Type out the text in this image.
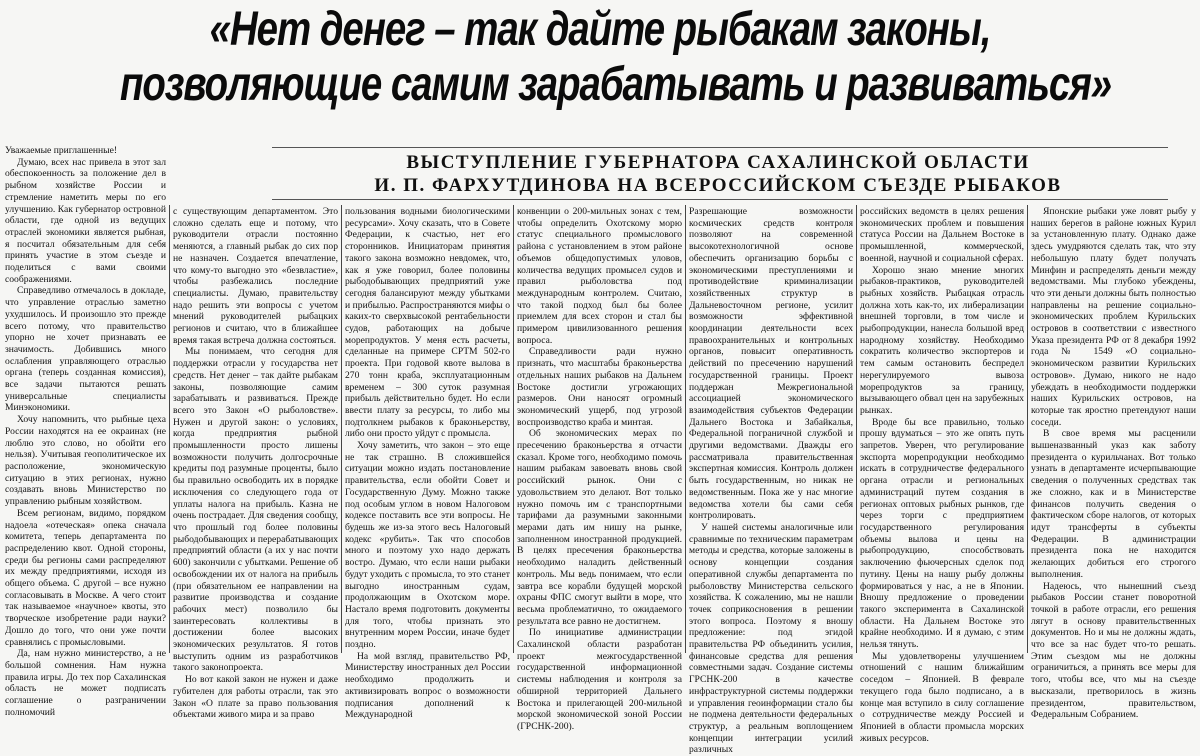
«Нет денег – так дайте рыбакам законы,
позволяющие самим зарабатывать и развиваться»
ВЫСТУПЛЕНИЕ ГУБЕРНАТОРА САХАЛИНСКОЙ ОБЛАСТИ
И. П. ФАРХУТДИНОВА НА ВСЕРОССИЙСКОМ СЪЕЗДЕ РЫБАКОВ

Уважаемые приглашенные!

Думаю, всех нас привела в этот зал обеспокоенность за положение дел в рыбном хозяйстве России и стремление наметить меры по его улучшению. Как губернатор островной области, где одной из ведущих отраслей экономики является рыбная, я посчитал обязательным для себя принять участие в этом съезде и поделиться с вами своими соображениями.

Справедливо отмечалось в докладе, что управление отраслью заметно ухудшилось. И произошло это прежде всего потому, что правительство упорно не хочет признавать ее значимость. Добившись много ослабления управляющего отраслью органа (теперь созданная комиссия), все задачи пытаются решать универсальные специалисты Минэкономики.

Хочу напомнить, что рыбные цеха России находятся на ее окраинах (не люблю это слово, но обойти его нельзя). Учитывая геополитическое их расположение, экономическую ситуацию в этих регионах, нужно создавать вновь Министерство по управлению рыбным хозяйством.

Всем регионам, видимо, порядком надоела «отеческая» опека сначала комитета, теперь департамента по распределению квот. Одной стороны, среди бы регионы сами распределяют их между предприятиями, исходя из общего объема. С другой – все нужно согласовывать в Москве. А чего стоит так называемое «научное» квоты, это творческое изобретение ради науки? Дошло до того, что они уже почти сравнялись с промысловыми.

Да, нам нужно министерство, а не большой сомнения. Нам нужна правила игры. До тех пор Сахалинская область не может подписать соглашение о разграничении полномочий

с существующим департаментом. Это сложно сделать еще и потому, что руководители отрасли постоянно меняются, а главный рыбак до сих пор не назначен. Создается впечатление, что кому-то выгодно это «безвластие», чтобы разбежались последние специалисты. Думаю, правительству надо решить эти вопросы с учетом мнений руководителей рыбацких регионов и считаю, что в ближайшее время такая встреча должна состояться.

Мы понимаем, что сегодня для поддержки отрасли у государства нет средств. Нет денег – так дайте рыбакам законы, позволяющие самим зарабатывать и развиваться. Прежде всего это Закон «О рыболовстве». Нужен и другой закон: о условиях, когда предприятия рыбной промышленности просто лишены возможности получить долгосрочные кредиты под разумные проценты, было бы правильно освободить их в порядке исключения со следующего года от уплаты налога на прибыль. Казна не очень пострадает. Для сведения сообщу, что прошлый год более половины рыбодобывающих и перерабатывающих предприятий области (а их у нас почти 600) закончили с убытками. Решение об освобождении их от налога на прибыль (при обязательном ее направлении на развитие производства и создание рабочих мест) позволило бы заинтересовать коллективы в достижении более высоких экономических результатов. Я готов выступить одним из разработчиков такого законопроекта.

Но вот какой закон не нужен и даже губителен для работы отрасли, так это Закон «О плате за право пользования объектами живого мира и за право

пользования водными биологическими ресурсами». Хочу сказать, что в Совете Федерации, к счастью, нет его сторонников. Инициаторам принятия такого закона возможно невдомек, что, как я уже говорил, более половины рыбодобывающих предприятий уже сегодня балансируют между убытками и прибылью. Распространяются мифы о каких-то сверхвысокой рентабельности судов, работающих на добыче морепродуктов. У меня есть расчеты, сделанные на примере СРТМ 502-го проекта. При годовой квоте вылова в 270 тонн краба, эксплуатационным временем – 300 суток разумная прибыль действительно будет. Но если ввести плату за ресурсы, то либо мы подтолкнем рыбаков к браконьерству, либо они просто уйдут с промысла.

Хочу заметить, что закон – это еще не так страшно. В сложившейся ситуации можно издать постановление правительства, если обойти Совет и Государственную Думу. Можно также под особым углом в новом Налоговом кодексе поставить все эти вопросы. Не будешь же из-за этого весь Налоговый кодекс «рубить». Так что способов много и поэтому ухо надо держать востро. Думаю, что если наши рыбаки будут уходить с промысла, то это станет выгодно иностранным судам, продолжающим в Охотском море. Настало время подготовить документы для того, чтобы признать это внутренним морем России, иначе будет поздно.

На мой взгляд, правительство РФ, Министерству иностранных дел России необходимо продолжить и активизировать вопрос о возможности подписания дополнений к Международной

конвенции о 200-мильных зонах с тем, чтобы определить Охотскому морю статус специального промыслового района с установлением в этом районе объемов общедопустимых уловов, количества ведущих промысел судов и правил рыболовства под международным контролем. Считаю, что такой подход был бы более приемлем для всех сторон и стал бы примером цивилизованного решения вопроса.

Справедливости ради нужно признать, что масштабы браконьерства отдельных наших рыбаков на Дальнем Востоке достигли угрожающих размеров. Они наносят огромный экономический ущерб, под угрозой воспроизводство краба и минтая.

Об экономических мерах по пресечению браконьерства я отчасти сказал. Кроме того, необходимо помочь нашим рыбакам завоевать вновь свой российский рынок. Они с удовольствием это делают. Вот только нужно помочь им с транспортными тарифами да разумными законными мерами дать им нишу на рынке, заполненном иностранной продукцией. В целях пресечения браконьерства необходимо наладить действенный контроль. Мы ведь понимаем, что если завтра все корабли будущей морской охраны ФПС смогут выйти в море, что весьма проблематично, то ожидаемого результата все равно не достигнем.

По инициативе администрации Сахалинской области разработан проект межгосударственной государственной информационной системы наблюдения и контроля за обширной территорией Дальнего Востока и прилегающей 200-мильной морской экономической зоной России (ГРСНК-200).

Разрешающие возможности космических средств контроля позволяют на современной высокотехнологичной основе обеспечить организацию борьбы с экономическими преступлениями и противодействие криминализации хозяйственных структур в Дальневосточном регионе, усилит возможности эффективной координации деятельности всех правоохранительных и контрольных органов, повысит оперативность действий по пресечению нарушений государственной границы. Проект поддержан Межрегиональной ассоциацией экономического взаимодействия субъектов Федерации Дальнего Востока и Забайкалья, Федеральной пограничной службой и другими ведомствами. Дважды его рассматривала правительственная экспертная комиссия. Контроль должен быть государственным, но никак не ведомственным. Пока же у нас многие ведомства хотели бы сами себя контролировать.

У нашей системы аналогичные или сравнимые по техническим параметрам методы и средства, которые заложены в основу концепции создания оперативной службы департамента по рыболовству Министерства сельского хозяйства. К сожалению, мы не нашли точек соприкосновения в решении этого вопроса. Поэтому я вношу предложение: под эгидой правительства РФ объединить усилия, финансовые средства для решения совместными задач. Создание системы ГРСНК-200 в качестве инфраструктурной системы поддержки и управления геоинформации стало бы не подмена деятельности федеральных структур, а реальным воплощением концепции интеграции усилий различных

российских ведомств в целях решения экономических проблем и повышения статуса России на Дальнем Востоке в промышленной, коммерческой, военной, научной и социальной сферах.

Хорошо знаю мнение многих рыбаков-практиков, руководителей рыбных хозяйств. Рыбацкая отрасль должна хоть как-то, их либерализации внешней торговли, в том числе и рыбопродукции, нанесла большой вред народному хозяйству. Необходимо сократить количество экспортеров и тем самым остановить беспредел нерегулируемого вывоза морепродуктов за границу, вызывающего обвал цен на зарубежных рынках.

Вроде бы все правильно, только прошу вдуматься – это же опять путь запретов. Уверен, что регулирование экспорта морепродукции необходимо искать в сотрудничестве федерального органа отрасли и региональных администраций путем создания в регионах оптовых рыбных рынков, где через торги с предприятием государственного регулирования объемы вылова и цены на рыбопродукцию, способствовать заключению фьючерсных сделок под путину. Цены на нашу рыбу должны формироваться у нас, а не в Японии. Вношу предложение о проведении такого эксперимента в Сахалинской области. На Дальнем Востоке это крайне необходимо. И я думаю, с этим нельзя тянуть.

Мы удовлетворены улучшением отношений с нашим ближайшим соседом – Японией. В феврале текущего года было подписано, а в конце мая вступило в силу соглашение о сотрудничестве между Россией и Японией в области промысла морских живых ресурсов.

Японские рыбаки уже ловят рыбу у наших берегов в районе южных Курил за установленную плату. Однако даже здесь умудряются сделать так, что эту небольшую плату будет получать Минфин и распределять деньги между ведомствами. Мы глубоко убеждены, что эти деньги должны быть полностью направлены на решение социально-экономических проблем Курильских островов в соответствии с известного Указа президента РФ от 8 декабря 1992 года № 1549 «О социально-экономическом развитии Курильских островов». Думаю, никого не надо убеждать в необходимости поддержки наших Курильских островов, на которые так яростно претендуют наши соседи.

В свое время мы расценили вышеназванный указ как заботу президента о курильчанах. Вот только узнать в департаменте исчерпывающие сведения о полученных средствах так же сложно, как и в Министерстве финансов получить сведения о фактическом сборе налогов, от которых идут трансферты в субъекты Федерации. В администрации президента пока не находится желающих добиться его строгого выполнения.

Надеюсь, что нынешний съезд рыбаков России станет поворотной точкой в работе отрасли, его решения лягут в основу правительственных документов. Но и мы не должны ждать, что все за нас будет что-то решать. Этим съездом мы не должны ограничиться, а принять все меры для того, чтобы все, что мы на съезде высказали, претворилось в жизнь президентом, правительством, Федеральным Собранием.
